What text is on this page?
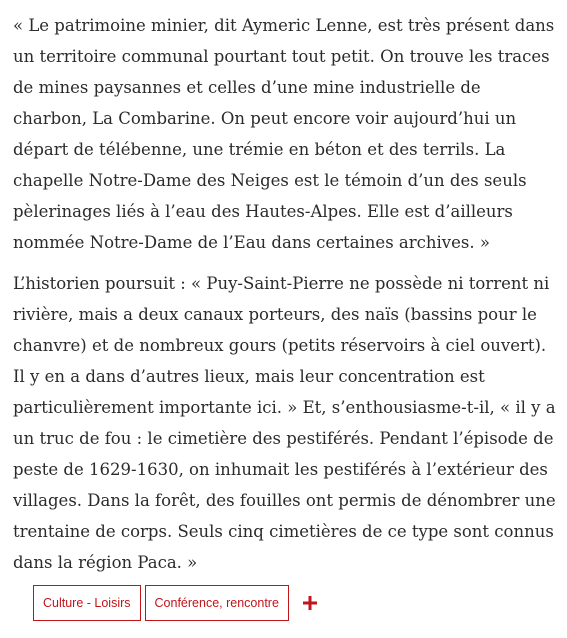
« Le patrimoine minier, dit Aymeric Lenne, est très présent dans un territoire communal pourtant tout petit. On trouve les traces de mines paysannes et celles d’une mine industrielle de charbon, La Combarine. On peut encore voir aujourd’hui un départ de télébenne, une trémie en béton et des terrils. La chapelle Notre-Dame des Neiges est le témoin d’un des seuls pèlerinages liés à l’eau des Hautes-Alpes. Elle est d’ailleurs nommée Notre-Dame de l’Eau dans certaines archives. »

L’historien poursuit : « Puy-Saint-Pierre ne possède ni torrent ni rivière, mais a deux canaux porteurs, des naïs (bassins pour le chanvre) et de nombreux gours (petits réservoirs à ciel ouvert). Il y en a dans d’autres lieux, mais leur concentration est particulièrement importante ici. » Et, s’enthousiasme-t-il, « il y a un truc de fou : le cimetière des pestiférés. Pendant l’épisode de peste de 1629-1630, on inhumait les pestiférés à l’extérieur des villages. Dans la forêt, des fouilles ont permis de dénombrer une trentaine de corps. Seuls cinq cimetières de ce type sont connus dans la région Paca. »

Culture - Loisirs	Conférence, rencontre
